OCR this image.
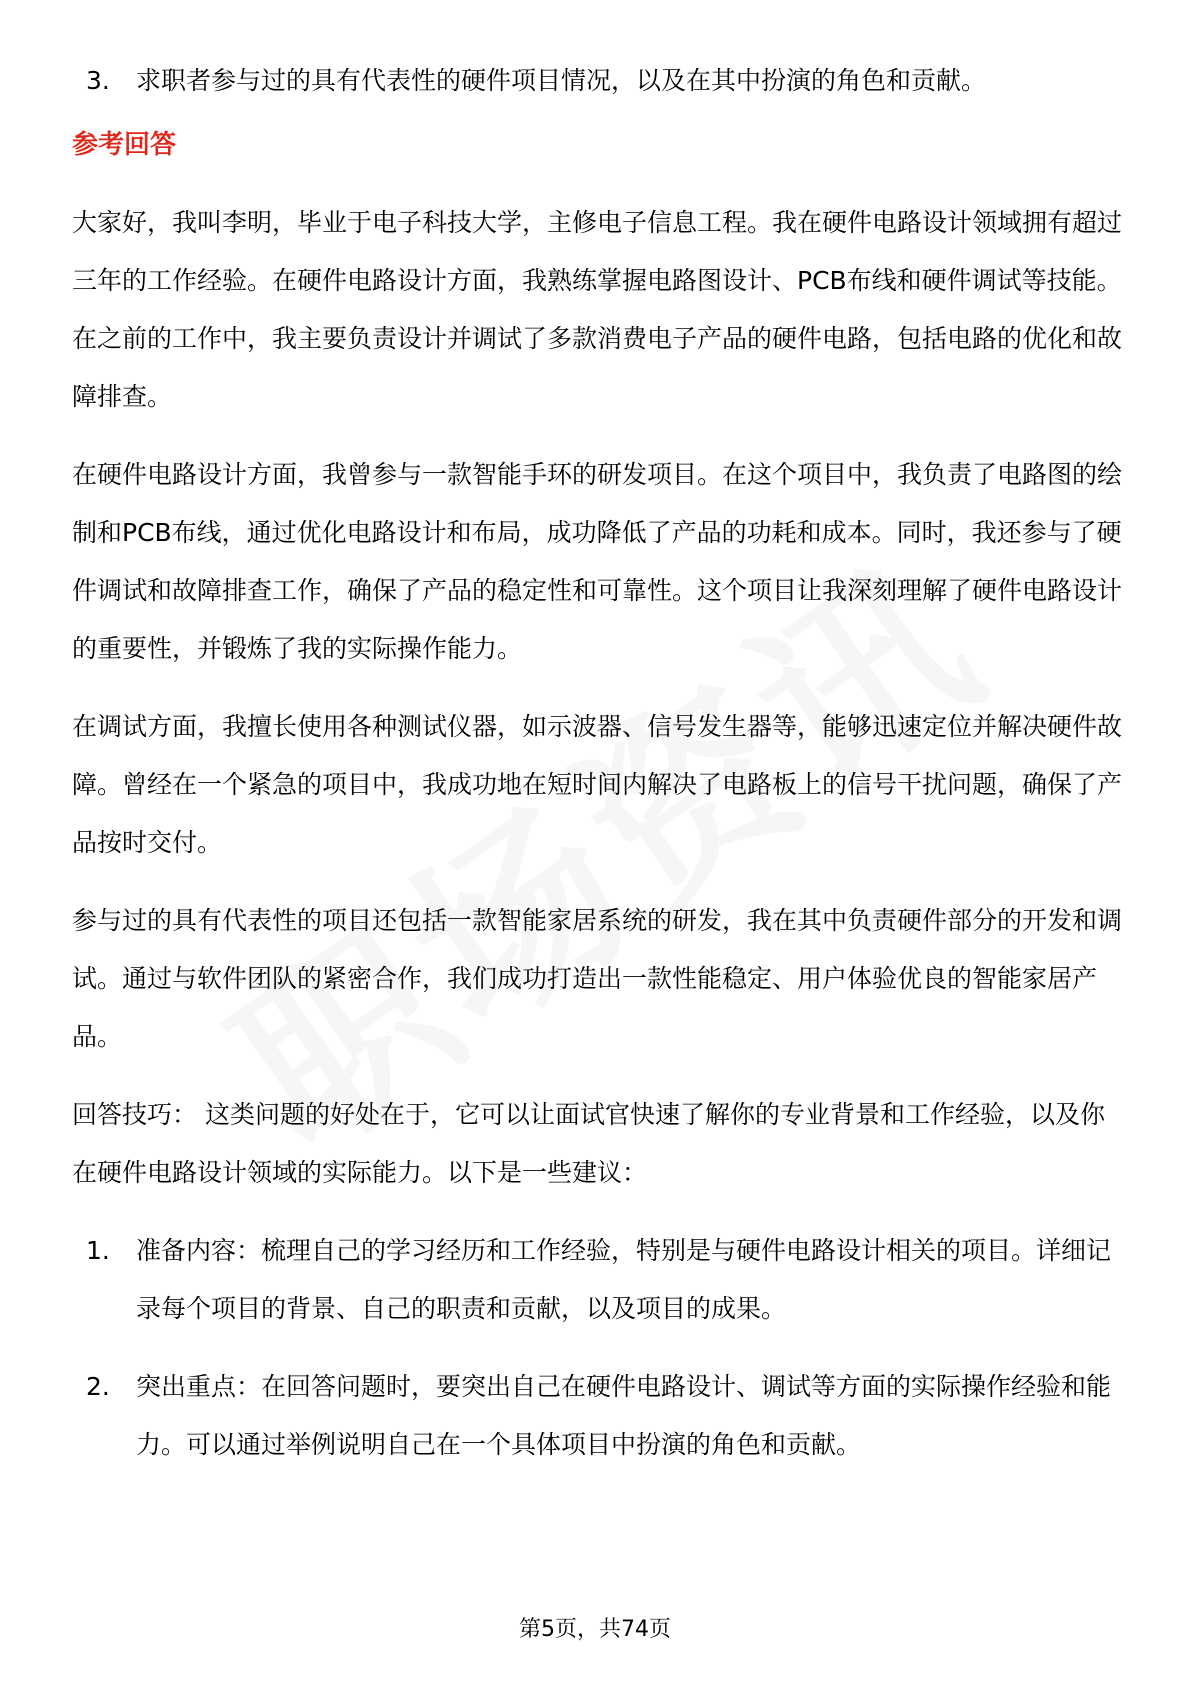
3.	求职者参与过的具有代表性的硬件项目情况，以及在其中扮演的角色和贡献。
参考回答

大家好，我叫李明，毕业于电子科技大学，主修电子信息工程。我在硬件电路设计领域拥有超过三年的工作经验。在硬件电路设计方面，我熟练掌握电路图设计、PCB布线和硬件调试等技能。在之前的工作中，我主要负责设计并调试了多款消费电子产品的硬件电路，包括电路的优化和故障排查。

在硬件电路设计方面，我曾参与一款智能手环的研发项目。在这个项目中，我负责了电路图的绘制和PCB布线，通过优化电路设计和布局，成功降低了产品的功耗和成本。同时，我还参与了硬件调试和故障排查工作，确保了产品的稳定性和可靠性。这个项目让我深刻理解了硬件电路设计的重要性，并锻炼了我的实际操作能力。

在调试方面，我擅长使用各种测试仪器，如示波器、信号发生器等，能够迅速定位并解决硬件故障。曾经在一个紧急的项目中，我成功地在短时间内解决了电路板上的信号干扰问题，确保了产品按时交付。

参与过的具有代表性的项目还包括一款智能家居系统的研发，我在其中负责硬件部分的开发和调试。通过与软件团队的紧密合作，我们成功打造出一款性能稳定、用户体验优良的智能家居产品。

回答技巧： 这类问题的好处在于，它可以让面试官快速了解你的专业背景和工作经验，以及你在硬件电路设计领域的实际能力。以下是一些建议：

1.	准备内容：梳理自己的学习经历和工作经验，特别是与硬件电路设计相关的项目。详细记录每个项目的背景、自己的职责和贡献，以及项目的成果。
2.	突出重点：在回答问题时，要突出自己在硬件电路设计、调试等方面的实际操作经验和能力。可以通过举例说明自己在一个具体项目中扮演的角色和贡献。
第5页，共74页
